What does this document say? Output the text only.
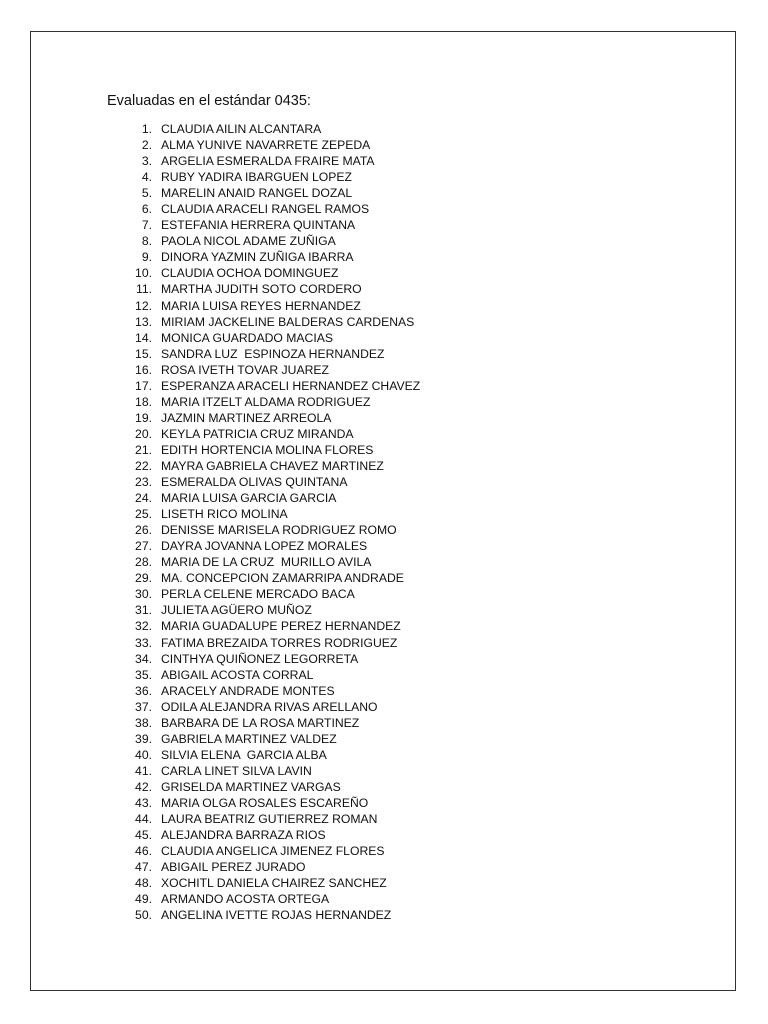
Evaluadas en el estándar 0435:
1. CLAUDIA AILIN ALCANTARA
2. ALMA YUNIVE NAVARRETE ZEPEDA
3. ARGELIA ESMERALDA FRAIRE MATA
4. RUBY YADIRA IBARGUEN LOPEZ
5. MARELIN ANAID RANGEL DOZAL
6. CLAUDIA ARACELI RANGEL RAMOS
7. ESTEFANIA HERRERA QUINTANA
8. PAOLA NICOL ADAME ZUÑIGA
9. DINORA YAZMIN ZUÑIGA IBARRA
10. CLAUDIA OCHOA DOMINGUEZ
11. MARTHA JUDITH SOTO CORDERO
12. MARIA LUISA REYES HERNANDEZ
13. MIRIAM JACKELINE BALDERAS CARDENAS
14. MONICA GUARDADO MACIAS
15. SANDRA LUZ  ESPINOZA HERNANDEZ
16. ROSA IVETH TOVAR JUAREZ
17. ESPERANZA ARACELI HERNANDEZ CHAVEZ
18. MARIA ITZELT ALDAMA RODRIGUEZ
19. JAZMIN MARTINEZ ARREOLA
20. KEYLA PATRICIA CRUZ MIRANDA
21. EDITH HORTENCIA MOLINA FLORES
22. MAYRA GABRIELA CHAVEZ MARTINEZ
23. ESMERALDA OLIVAS QUINTANA
24. MARIA LUISA GARCIA GARCIA
25. LISETH RICO MOLINA
26. DENISSE MARISELA RODRIGUEZ ROMO
27. DAYRA JOVANNA LOPEZ MORALES
28. MARIA DE LA CRUZ  MURILLO AVILA
29. MA. CONCEPCION ZAMARRIPA ANDRADE
30. PERLA CELENE MERCADO BACA
31. JULIETA AGÜERO MUÑOZ
32. MARIA GUADALUPE PEREZ HERNANDEZ
33. FATIMA BREZAIDA TORRES RODRIGUEZ
34. CINTHYA QUIÑONEZ LEGORRETA
35. ABIGAIL ACOSTA CORRAL
36. ARACELY ANDRADE MONTES
37. ODILA ALEJANDRA RIVAS ARELLANO
38. BARBARA DE LA ROSA MARTINEZ
39. GABRIELA MARTINEZ VALDEZ
40. SILVIA ELENA  GARCIA ALBA
41. CARLA LINET SILVA LAVIN
42. GRISELDA MARTINEZ VARGAS
43. MARIA OLGA ROSALES ESCAREÑO
44. LAURA BEATRIZ GUTIERREZ ROMAN
45. ALEJANDRA BARRAZA RIOS
46. CLAUDIA ANGELICA JIMENEZ FLORES
47. ABIGAIL PEREZ JURADO
48. XOCHITL DANIELA CHAIREZ SANCHEZ
49. ARMANDO ACOSTA ORTEGA
50. ANGELINA IVETTE ROJAS HERNANDEZ
